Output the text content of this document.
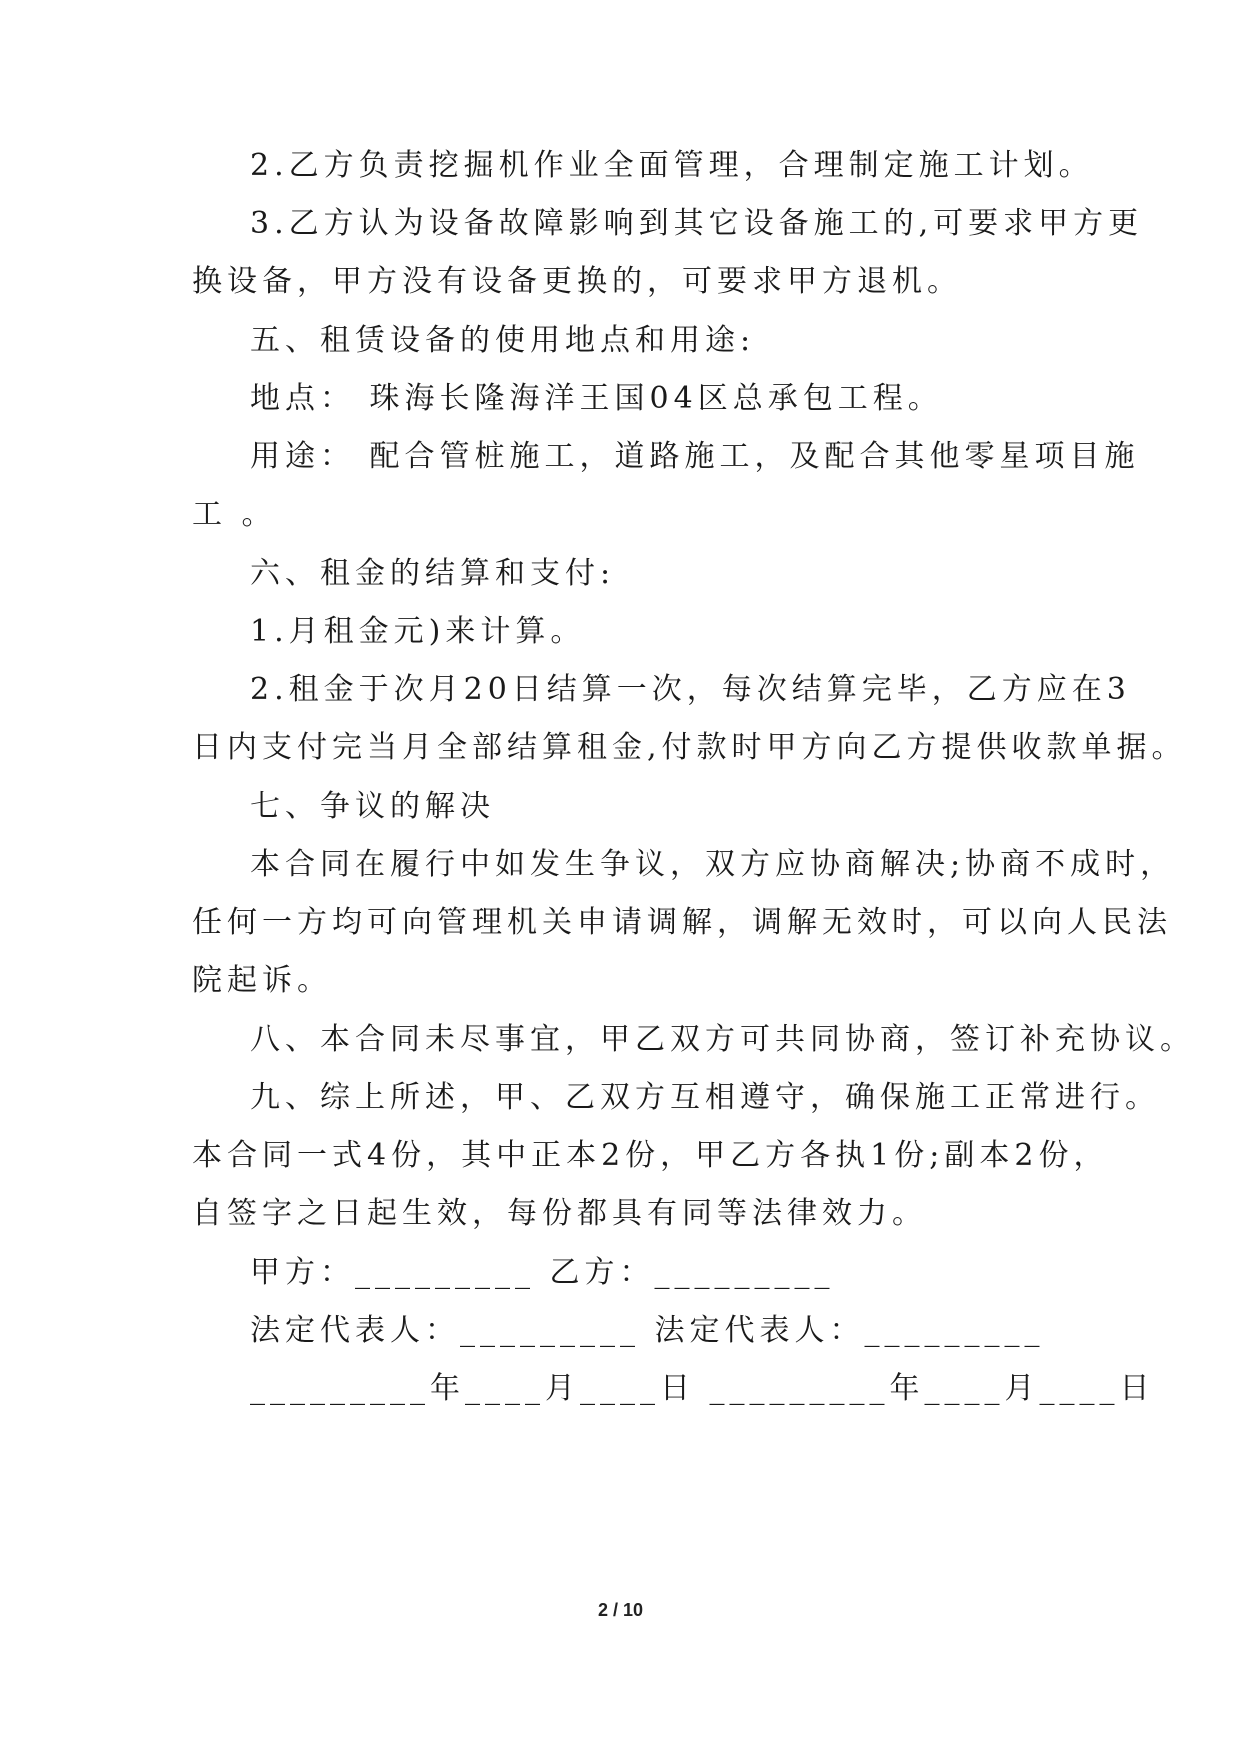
2.乙方负责挖掘机作业全面管理，合理制定施工计划。
3.乙方认为设备故障影响到其它设备施工的,可要求甲方更
换设备，甲方没有设备更换的，可要求甲方退机。
五、租赁设备的使用地点和用途:
地点： 珠海长隆海洋王国04区总承包工程。
用途： 配合管桩施工，道路施工，及配合其他零星项目施
工 。
六、租金的结算和支付:
1.月租金元)来计算。
2.租金于次月20日结算一次，每次结算完毕，乙方应在3
日内支付完当月全部结算租金,付款时甲方向乙方提供收款单据。
七、争议的解决
本合同在履行中如发生争议，双方应协商解决;协商不成时，
任何一方均可向管理机关申请调解，调解无效时，可以向人民法
院起诉。
八、本合同未尽事宜，甲乙双方可共同协商，签订补充协议。
九、综上所述，甲、乙双方互相遵守，确保施工正常进行。
本合同一式4份，其中正本2份，甲乙方各执1份;副本2份，
自签字之日起生效，每份都具有同等法律效力。
甲方：_________ 乙方：_________
法定代表人：_________ 法定代表人：_________
_________年____月____日 _________年____月____日
2 / 10
